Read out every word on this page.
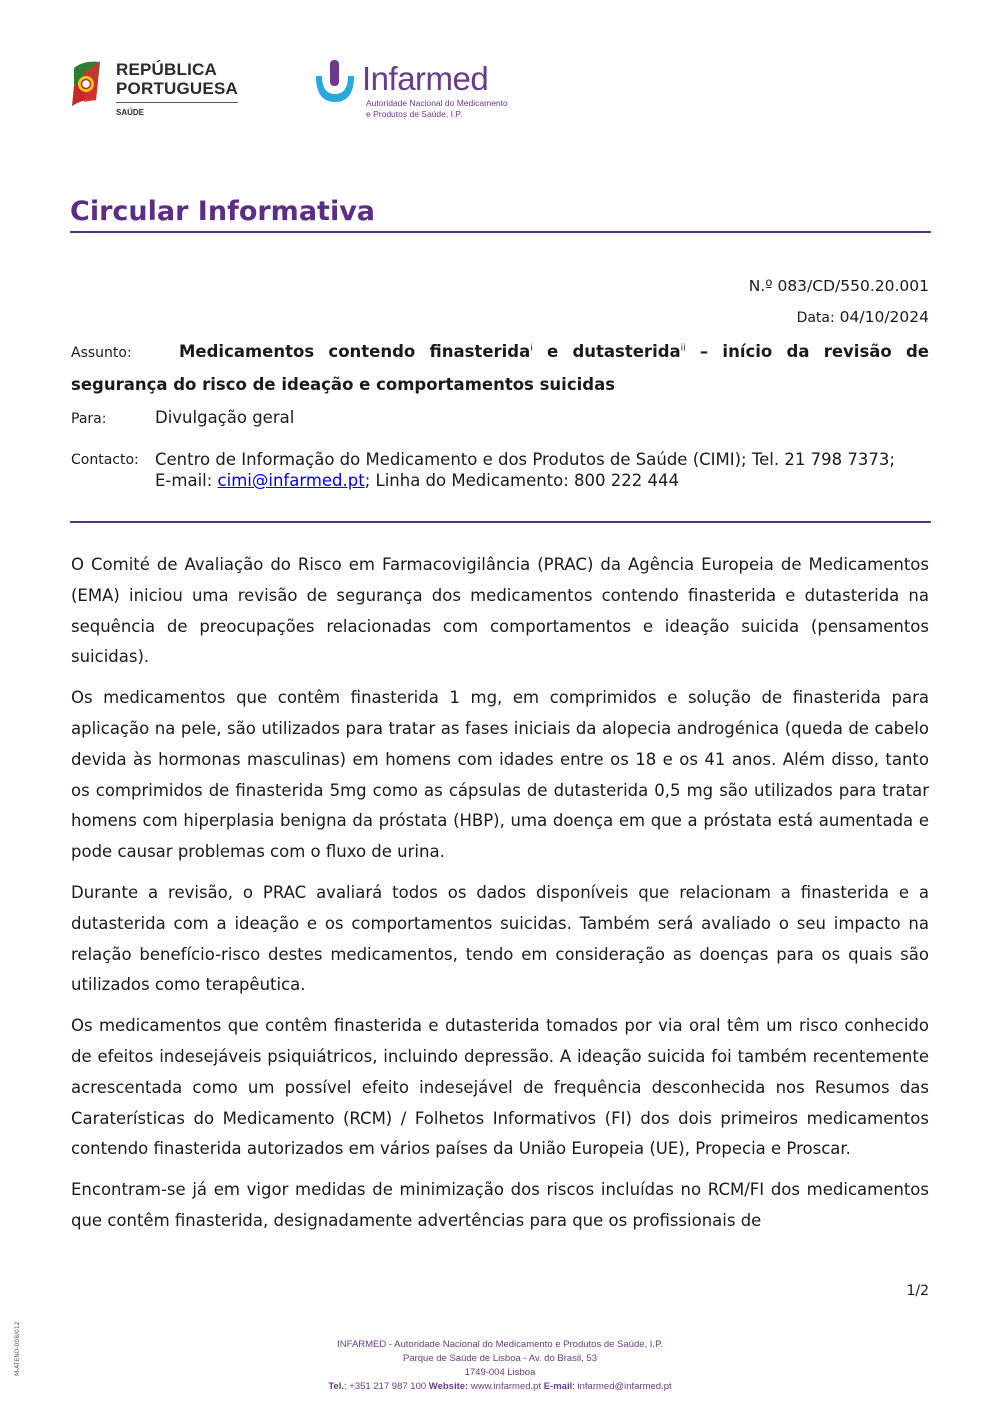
REPÚBLICA
PORTUGUESA
SAÚDE
Infarmed
Autoridade Nacional do Medicamento
e Produtos de Saúde, I.P.
Circular Informativa
N.º 083/CD/550.20.001
Data: 04/10/2024
Assunto:	Medicamentos contendo finasterida$^i$ e dutasterida$^{ii}$ – início da revisão de segurança do risco de ideação e comportamentos suicidas
Para:	Divulgação geral
Contacto: Centro de Informação do Medicamento e dos Produtos de Saúde (CIMI); Tel. 21 798 7373;
E-mail: cimi@infarmed.pt; Linha do Medicamento: 800 222 444

O Comité de Avaliação do Risco em Farmacovigilância (PRAC) da Agência Europeia de Medicamentos (EMA) iniciou uma revisão de segurança dos medicamentos contendo finasterida e dutasterida na sequência de preocupações relacionadas com comportamentos e ideação suicida (pensamentos suicidas).

Os medicamentos que contêm finasterida 1 mg, em comprimidos e solução de finasterida para aplicação na pele, são utilizados para tratar as fases iniciais da alopecia androgénica (queda de cabelo devida às hormonas masculinas) em homens com idades entre os 18 e os 41 anos. Além disso, tanto os comprimidos de finasterida 5mg como as cápsulas de dutasterida 0,5 mg são utilizados para tratar homens com hiperplasia benigna da próstata (HBP), uma doença em que a próstata está aumentada e pode causar problemas com o fluxo de urina.

Durante a revisão, o PRAC avaliará todos os dados disponíveis que relacionam a finasterida e a dutasterida com a ideação e os comportamentos suicidas. Também será avaliado o seu impacto na relação benefício-risco destes medicamentos, tendo em consideração as doenças para os quais são utilizados como terapêutica.

Os medicamentos que contêm finasterida e dutasterida tomados por via oral têm um risco conhecido de efeitos indesejáveis psiquiátricos, incluindo depressão. A ideação suicida foi também recentemente acrescentada como um possível efeito indesejável de frequência desconhecida nos Resumos das Caraterísticas do Medicamento (RCM) / Folhetos Informativos (FI) dos dois primeiros medicamentos contendo finasterida autorizados em vários países da União Europeia (UE), Propecia e Proscar.

Encontram-se já em vigor medidas de minimização dos riscos incluídas no RCM/FI dos medicamentos que contêm finasterida, designadamente advertências para que os profissionais de

1/2
M-ATEND-008/012	INFARMED - Autoridade Nacional do Medicamento e Produtos de Saúde, I.P.
Parque de Saúde de Lisboa - Av. do Brasil, 53
1749-004 Lisboa
Tel.: +351 217 987 100 Website: www.infarmed.pt E-mail: infarmed@infarmed.pt
